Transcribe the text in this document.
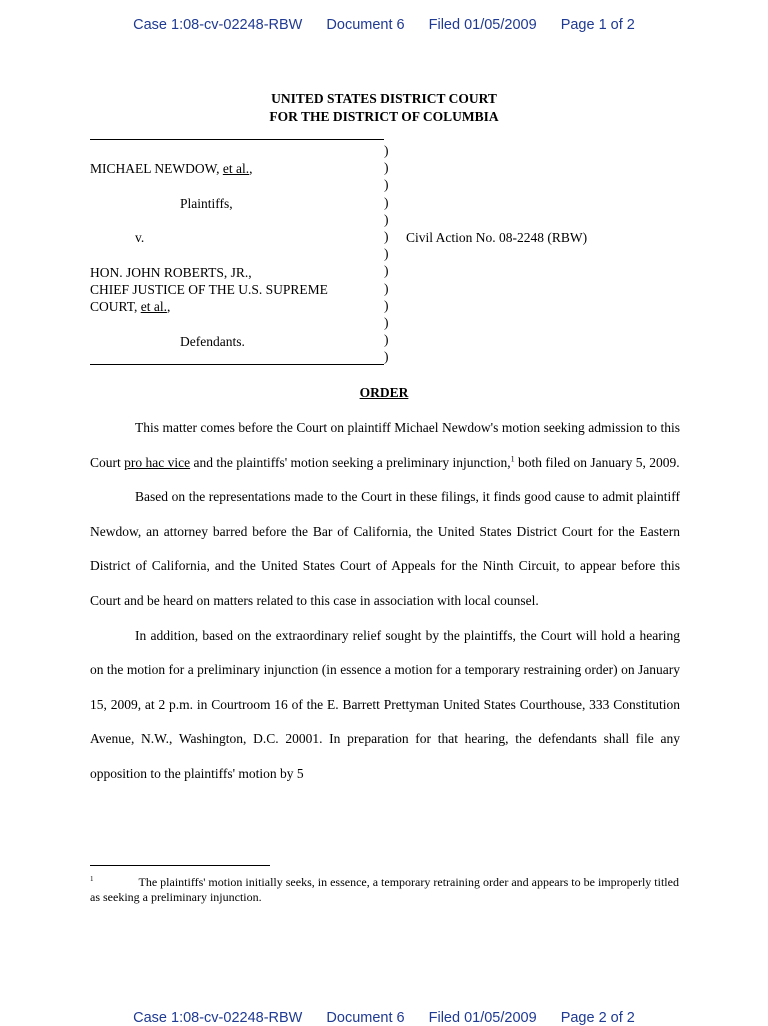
Case 1:08-cv-02248-RBW Document 6 Filed 01/05/2009 Page 1 of 2
UNITED STATES DISTRICT COURT
FOR THE DISTRICT OF COLUMBIA
MICHAEL NEWDOW, et al.,
Plaintiffs,
v.
HON. JOHN ROBERTS, JR.,
CHIEF JUSTICE OF THE U.S. SUPREME
COURT, et al.,
Defendants.
)
)
)
)
)
)
)
)
)
)
)
)
)
Civil Action No. 08-2248 (RBW)
ORDER

This matter comes before the Court on plaintiff Michael Newdow's motion seeking admission to this Court pro hac vice and the plaintiffs' motion seeking a preliminary injunction,$^1$ both filed on January 5, 2009.

Based on the representations made to the Court in these filings, it finds good cause to admit plaintiff Newdow, an attorney barred before the Bar of California, the United States District Court for the Eastern District of California, and the United States Court of Appeals for the Ninth Circuit, to appear before this Court and be heard on matters related to this case in association with local counsel.

In addition, based on the extraordinary relief sought by the plaintiffs, the Court will hold a hearing on the motion for a preliminary injunction (in essence a motion for a temporary restraining order) on January 15, 2009, at 2 p.m. in Courtroom 16 of the E. Barrett Prettyman United States Courthouse, 333 Constitution Avenue, N.W., Washington, D.C. 20001. In preparation for that hearing, the defendants shall file any opposition to the plaintiffs' motion by 5

$^1$	The plaintiffs' motion initially seeks, in essence, a temporary retraining order and appears to be improperly titled as seeking a preliminary injunction.
Case 1:08-cv-02248-RBW Document 6 Filed 01/05/2009 Page 2 of 2
